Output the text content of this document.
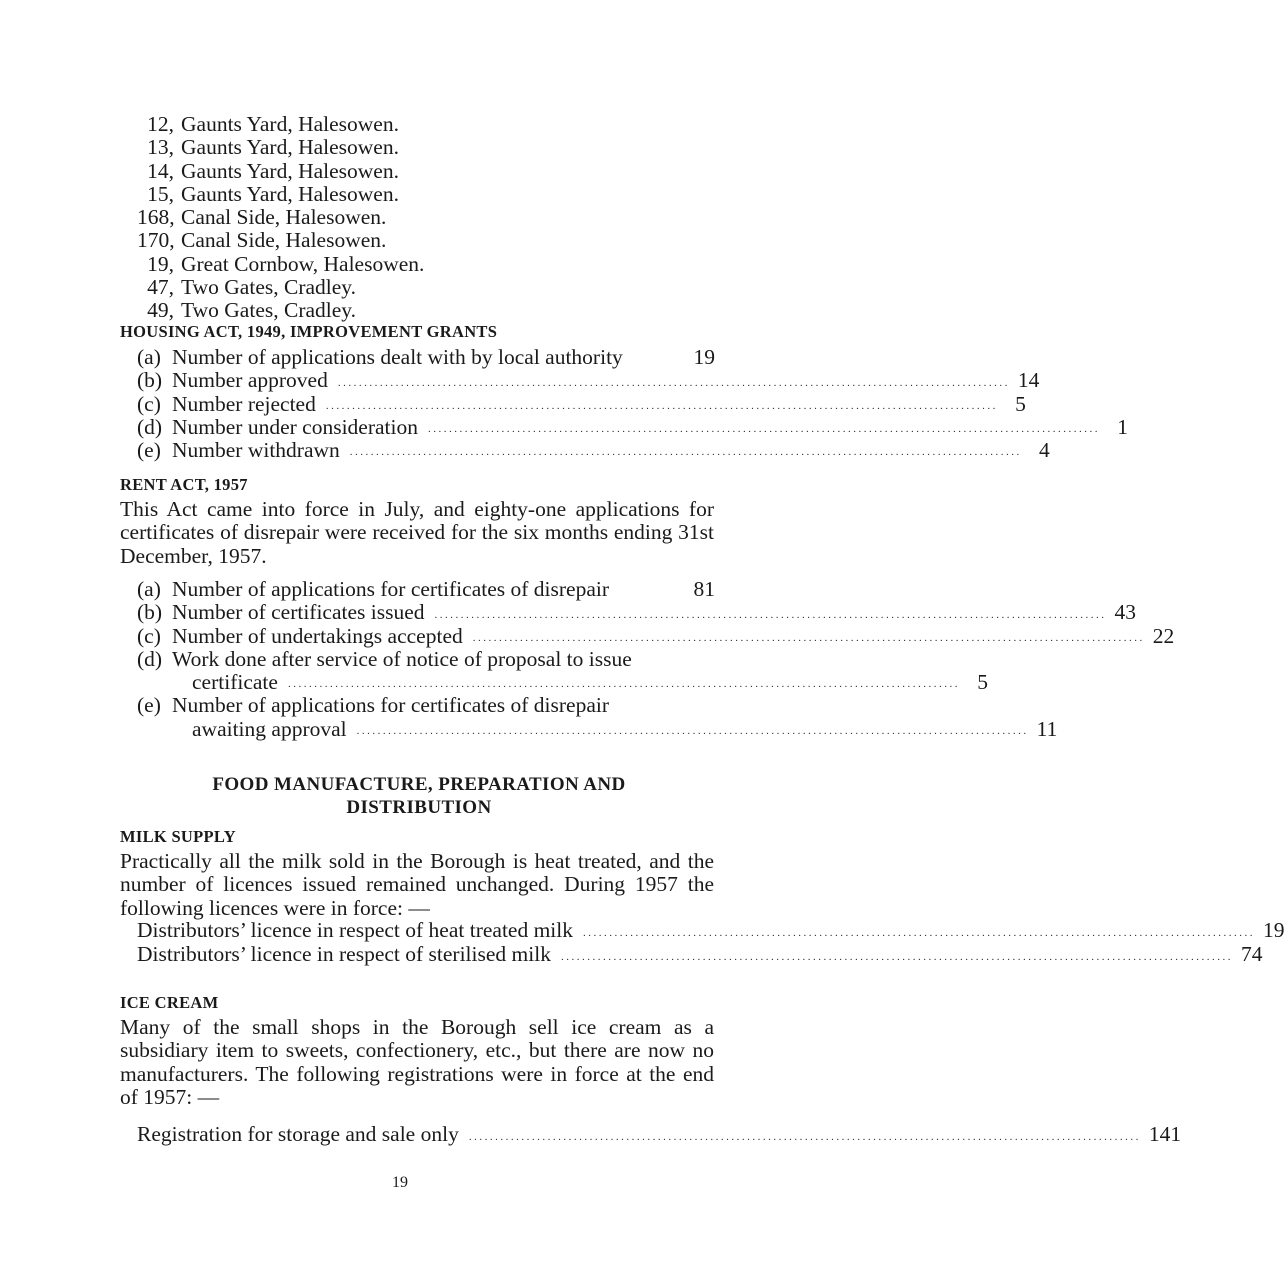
12, Gaunts Yard, Halesowen.
13, Gaunts Yard, Halesowen.
14, Gaunts Yard, Halesowen.
15, Gaunts Yard, Halesowen.
168, Canal Side, Halesowen.
170, Canal Side, Halesowen.
19, Great Cornbow, Halesowen.
47, Two Gates, Cradley.
49, Two Gates, Cradley.
HOUSING ACT, 1949, IMPROVEMENT GRANTS
(a) Number of applications dealt with by local authority	19
(b) Number approved ................................................................................................................................ 14
(c) Number rejected ................................................................................................................................ 5
(d) Number under consideration ................................................................................................................................ 1
(e) Number withdrawn ................................................................................................................................ 4
RENT ACT, 1957
This Act came into force in July, and eighty-one applications for certificates of disrepair were received for the six months ending 31st December, 1957.
(a) Number of applications for certificates of disrepair	81
(b) Number of certificates issued ................................................................................................................................ 43
(c) Number of undertakings accepted ................................................................................................................................ 22
(d) Work done after service of notice of proposal to issue
certificate ................................................................................................................................ 5
(e) Number of applications for certificates of disrepair
awaiting approval ................................................................................................................................ 11
FOOD MANUFACTURE, PREPARATION AND
DISTRIBUTION
MILK SUPPLY
Practically all the milk sold in the Borough is heat treated, and the number of licences issued remained unchanged. During 1957 the following licences were in force: —
Distributors’ licence in respect of heat treated milk ................................................................................................................................ 19
Distributors’ licence in respect of sterilised milk ................................................................................................................................ 74
ICE CREAM
Many of the small shops in the Borough sell ice cream as a subsidiary item to sweets, confectionery, etc., but there are now no manufacturers. The following registrations were in force at the end of 1957: —
Registration for storage and sale only ................................................................................................................................ 141
19
